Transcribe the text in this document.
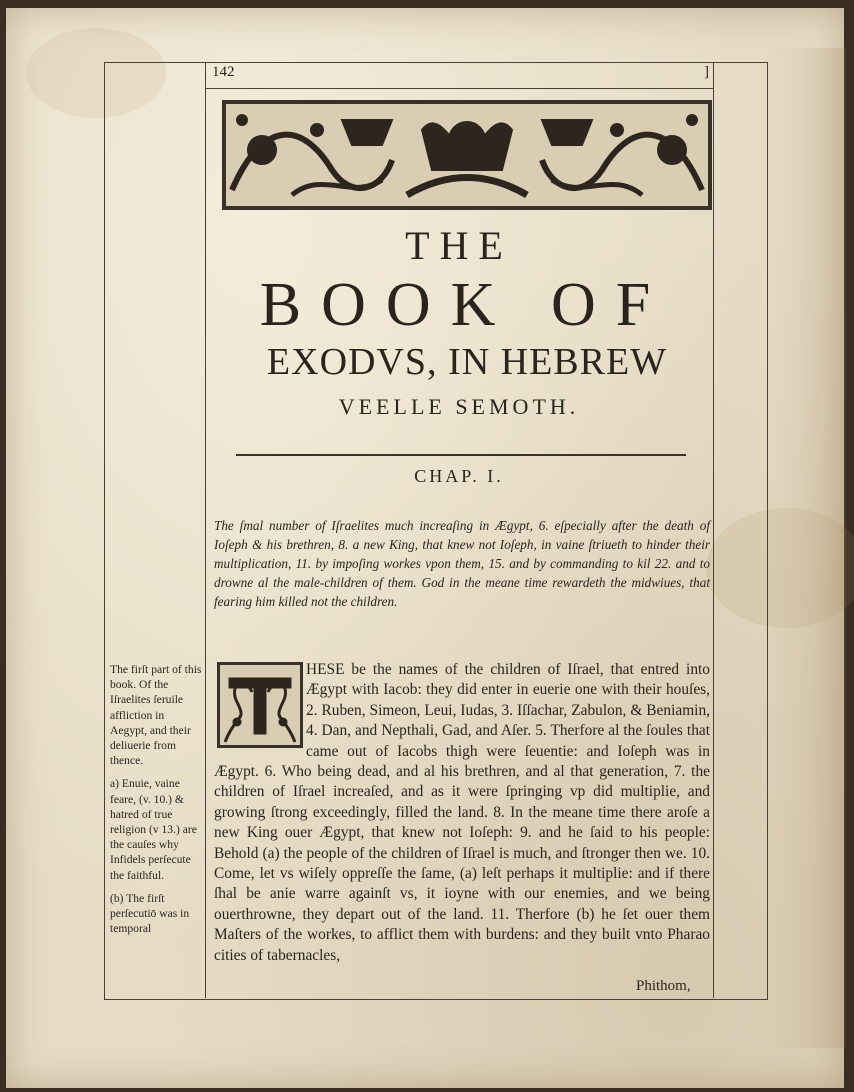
142	]
THE
BOOK OF
EXODVS, IN HEBREW
VEELLE SEMOTH.
CHAP. I.

The ſmal number of Iſraelites much increaſing in Ægypt, 6. eſpecially after the death of Ioſeph & his brethren, 8. a new King, that knew not Ioſeph, in vaine ſtriueth to hinder their multiplication, 11. by impoſing workes vpon them, 15. and by commanding to kil 22. and to drowne al the male-children of them. God in the meane time rewardeth the midwiues, that fearing him killed not the children.

The firſt part of this book. Of the Iſraelites ſeruile affliction in Aegypt, and their deliuerie from thence.

a) Enuie, vaine feare, (v. 10.) & hatred of true religion (v 13.) are the cauſes why Infidels perſecute the faithful.

(b) The firſt perſecutiō was in temporal

HESE be the names of the children of Iſrael, that entred into Ægypt with Iacob: they did enter in euerie one with their houſes, 2. Ruben, Simeon, Leui, Iudas, 3. Iſſachar, Zabulon, & Beniamin, 4. Dan, and Nepthali, Gad, and Aſer. 5. Therfore al the ſoules that came out of Iacobs thigh were ſeuentie: and Ioſeph was in Ægypt. 6. Who being dead, and al his brethren, and al that generation, 7. the children of Iſrael increaſed, and as it were ſpringing vp did multiplie, and growing ſtrong exceedingly, filled the land. 8. In the meane time there aroſe a new King ouer Ægypt, that knew not Ioſeph: 9. and he ſaid to his people: Behold (a) the people of the children of Iſrael is much, and ſtronger then we. 10. Come, let vs wiſely oppreſſe the ſame, (a) leſt perhaps it multiplie: and if there ſhal be anie warre againſt vs, it ioyne with our enemies, and we being ouerthrowne, they depart out of the land. 11. Therfore (b) he ſet ouer them Maſters of the workes, to afflict them with burdens: and they built vnto Pharao cities of tabernacles,

Phithom,
